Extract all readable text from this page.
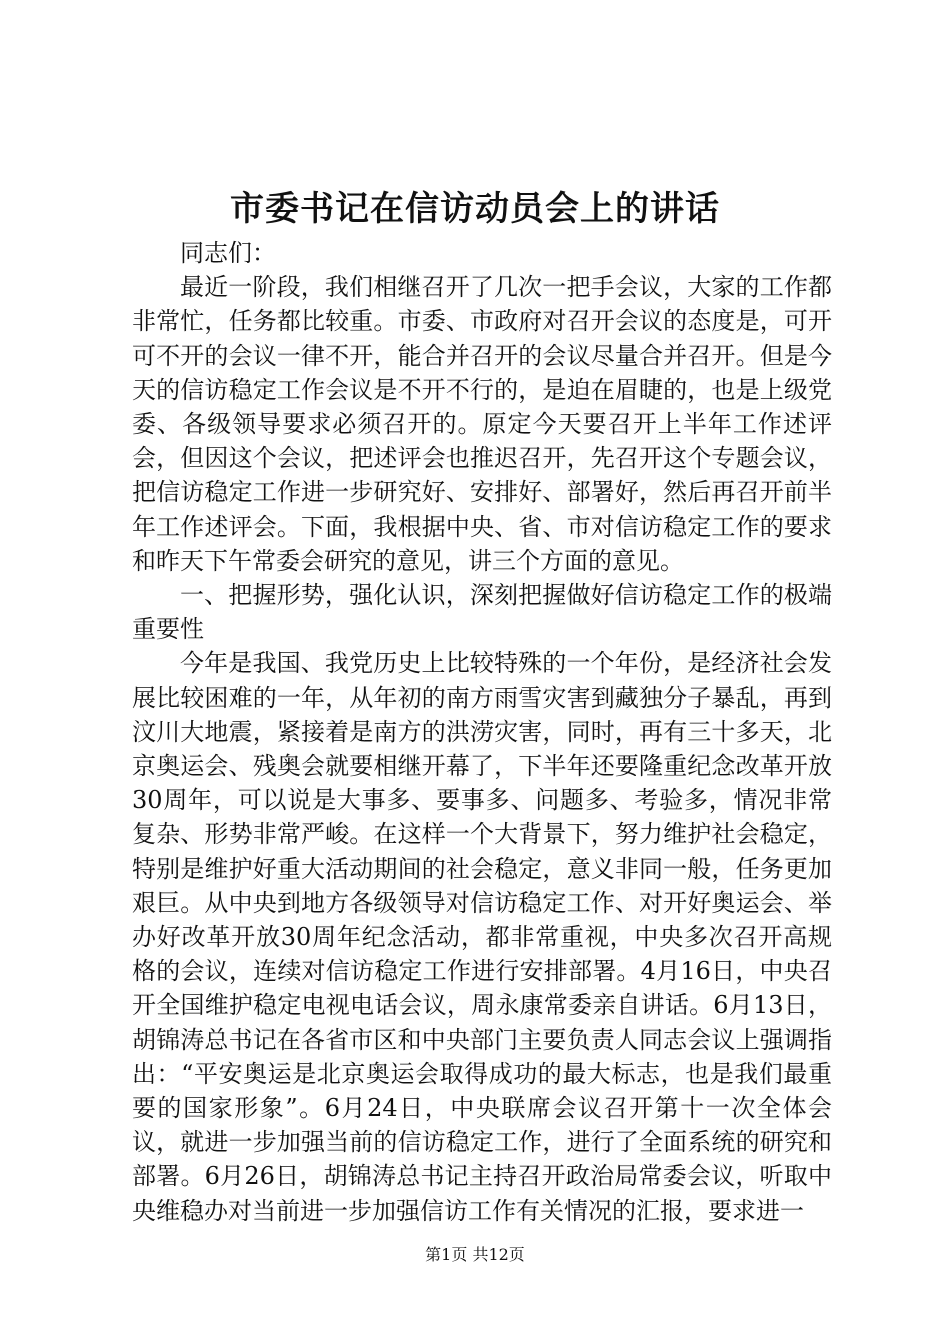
市委书记在信访动员会上的讲话

同志们：

最近一阶段，我们相继召开了几次一把手会议，大家的工作都非常忙，任务都比较重。市委、市政府对召开会议的态度是，可开可不开的会议一律不开，能合并召开的会议尽量合并召开。但是今天的信访稳定工作会议是不开不行的，是迫在眉睫的，也是上级党委、各级领导要求必须召开的。原定今天要召开上半年工作述评会，但因这个会议，把述评会也推迟召开，先召开这个专题会议，把信访稳定工作进一步研究好、安排好、部署好，然后再召开前半年工作述评会。下面，我根据中央、省、市对信访稳定工作的要求和昨天下午常委会研究的意见，讲三个方面的意见。

一、把握形势，强化认识，深刻把握做好信访稳定工作的极端重要性

今年是我国、我党历史上比较特殊的一个年份，是经济社会发展比较困难的一年，从年初的南方雨雪灾害到藏独分子暴乱，再到汶川大地震，紧接着是南方的洪涝灾害，同时，再有三十多天，北京奥运会、残奥会就要相继开幕了，下半年还要隆重纪念改革开放30周年，可以说是大事多、要事多、问题多、考验多，情况非常复杂、形势非常严峻。在这样一个大背景下，努力维护社会稳定，特别是维护好重大活动期间的社会稳定，意义非同一般，任务更加艰巨。从中央到地方各级领导对信访稳定工作、对开好奥运会、举办好改革开放30周年纪念活动，都非常重视，中央多次召开高规格的会议，连续对信访稳定工作进行安排部署。4月16日，中央召开全国维护稳定电视电话会议，周永康常委亲自讲话。6月13日，胡锦涛总书记在各省市区和中央部门主要负责人同志会议上强调指出：“平安奥运是北京奥运会取得成功的最大标志，也是我们最重要的国家形象”。6月24日，中央联席会议召开第十一次全体会议，就进一步加强当前的信访稳定工作，进行了全面系统的研究和部署。6月26日，胡锦涛总书记主持召开政治局常委会议，听取中央维稳办对当前进一步加强信访工作有关情况的汇报，要求进一

第1页 共12页
